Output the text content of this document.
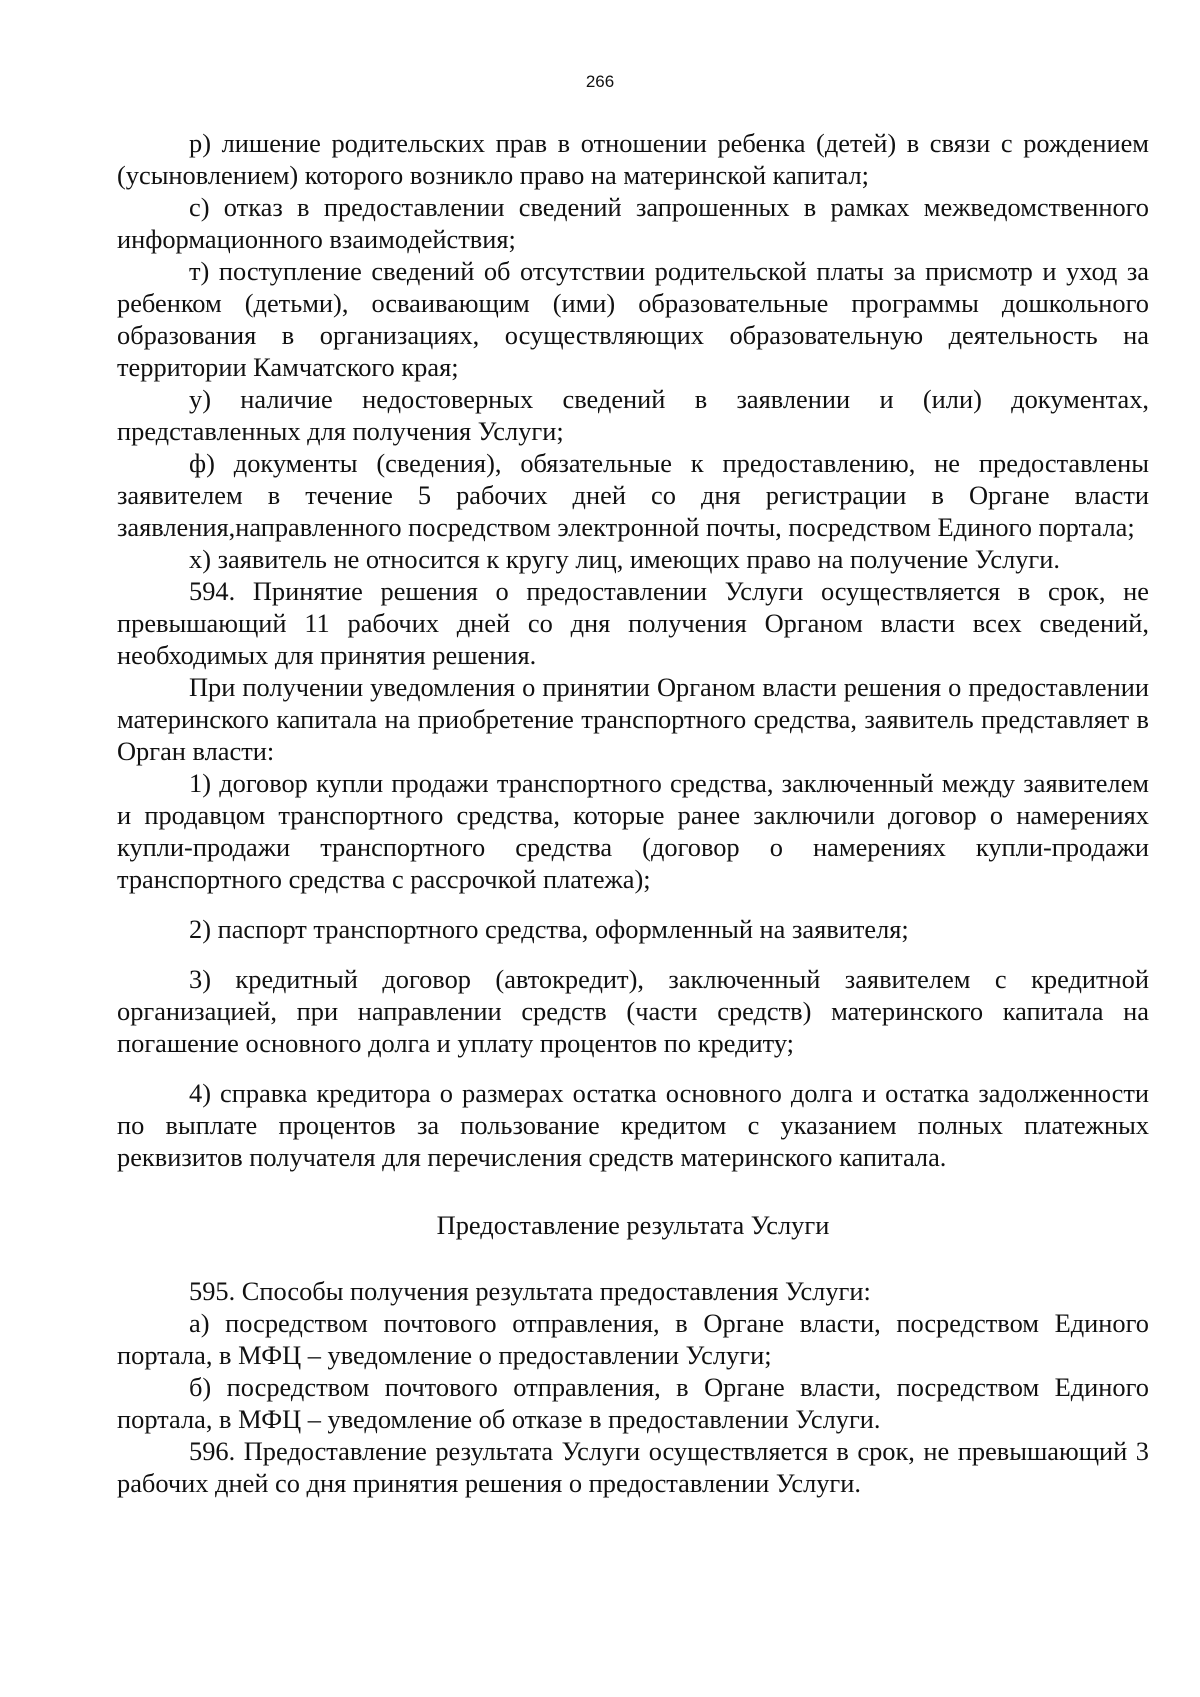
266

р) лишение родительских прав в отношении ребенка (детей) в связи с рождением (усыновлением) которого возникло право на материнской капитал;

с) отказ в предоставлении сведений запрошенных в рамках межведомственного информационного взаимодействия;

т) поступление сведений об отсутствии родительской платы за присмотр и уход за ребенком (детьми), осваивающим (ими) образовательные программы дошкольного образования в организациях, осуществляющих образовательную деятельность на территории Камчатского края;

у) наличие недостоверных сведений в заявлении и (или) документах, представленных для получения Услуги;

ф) документы (сведения), обязательные к предоставлению, не предоставлены заявителем в течение 5 рабочих дней со дня регистрации в Органе власти заявления,направленного посредством электронной почты, посредством Единого портала;

х) заявитель не относится к кругу лиц, имеющих право на получение Услуги.

594. Принятие решения о предоставлении Услуги осуществляется в срок, не превышающий 11 рабочих дней со дня получения Органом власти всех сведений, необходимых для принятия решения.

При получении уведомления о принятии Органом власти решения о предоставлении материнского капитала на приобретение транспортного средства, заявитель представляет в Орган власти:

1) договор купли продажи транспортного средства, заключенный между заявителем и продавцом транспортного средства, которые ранее заключили договор о намерениях купли-продажи транспортного средства (договор о намерениях купли-продажи транспортного средства с рассрочкой платежа);

2) паспорт транспортного средства, оформленный на заявителя;

3) кредитный договор (автокредит), заключенный заявителем с кредитной организацией, при направлении средств (части средств) материнского капитала на погашение основного долга и уплату процентов по кредиту;

4) справка кредитора о размерах остатка основного долга и остатка задолженности по выплате процентов за пользование кредитом с указанием полных платежных реквизитов получателя для перечисления средств материнского капитала.

Предоставление результата Услуги

595. Способы получения результата предоставления Услуги:

а) посредством почтового отправления, в Органе власти, посредством Единого портала, в МФЦ – уведомление о предоставлении Услуги;

б) посредством почтового отправления, в Органе власти, посредством Единого портала, в МФЦ – уведомление об отказе в предоставлении Услуги.

596. Предоставление результата Услуги осуществляется в срок, не превышающий 3 рабочих дней со дня принятия решения о предоставлении Услуги.
